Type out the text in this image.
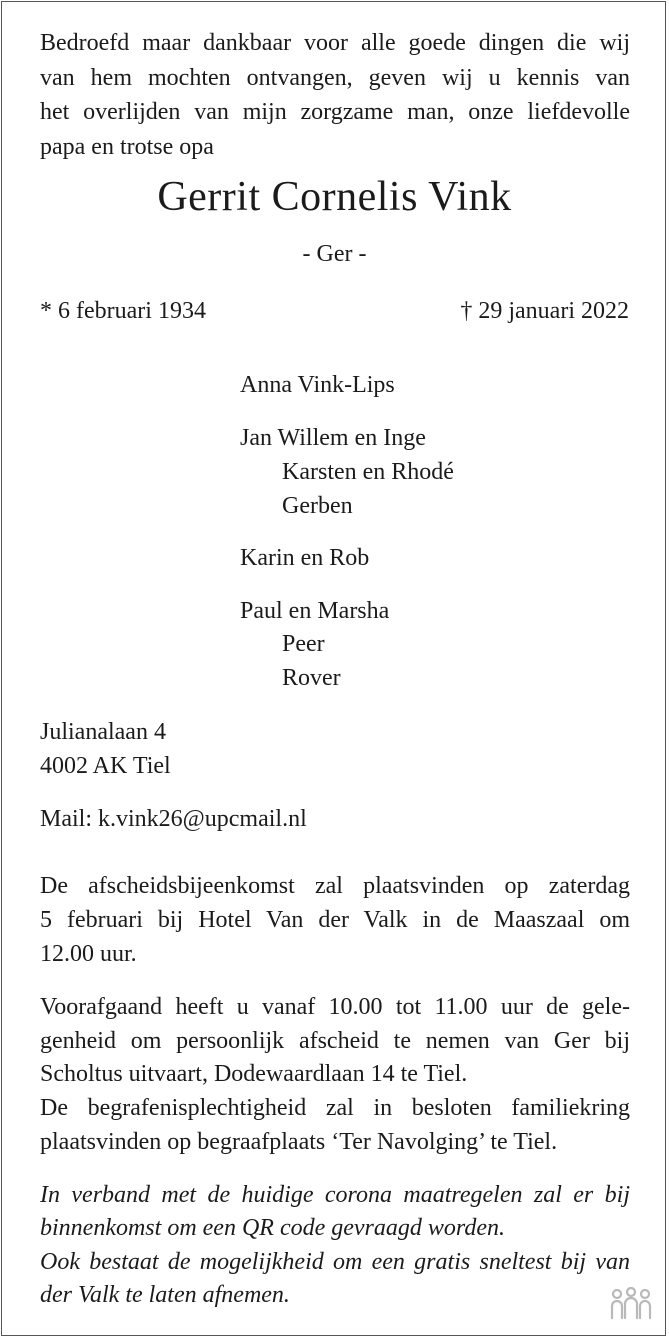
Bedroefd maar dankbaar voor alle goede dingen die wij
van hem mochten ontvangen, geven wij u kennis van
het overlijden van mijn zorgzame man, onze liefdevolle
papa en trotse opa
Gerrit Cornelis Vink
- Ger -
* 6 februari 1934	† 29 januari 2022
Anna Vink-Lips
Jan Willem en Inge
Karsten en Rhodé
Gerben
Karin en Rob
Paul en Marsha
Peer
Rover
Julianalaan 4
4002 AK Tiel
Mail: k.vink26@upcmail.nl
De afscheidsbijeenkomst zal plaatsvinden op zaterdag
5 februari bij Hotel Van der Valk in de Maaszaal om
12.00 uur.
Voorafgaand heeft u vanaf 10.00 tot 11.00 uur de gele-
genheid om persoonlijk afscheid te nemen van Ger bij
Scholtus uitvaart, Dodewaardlaan 14 te Tiel.
De begrafenisplechtigheid zal in besloten familiekring
plaatsvinden op begraafplaats ‘Ter Navolging’ te Tiel.
In verband met de huidige corona maatregelen zal er bij
binnenkomst om een QR code gevraagd worden.
Ook bestaat de mogelijkheid om een gratis sneltest bij van
der Valk te laten afnemen.
